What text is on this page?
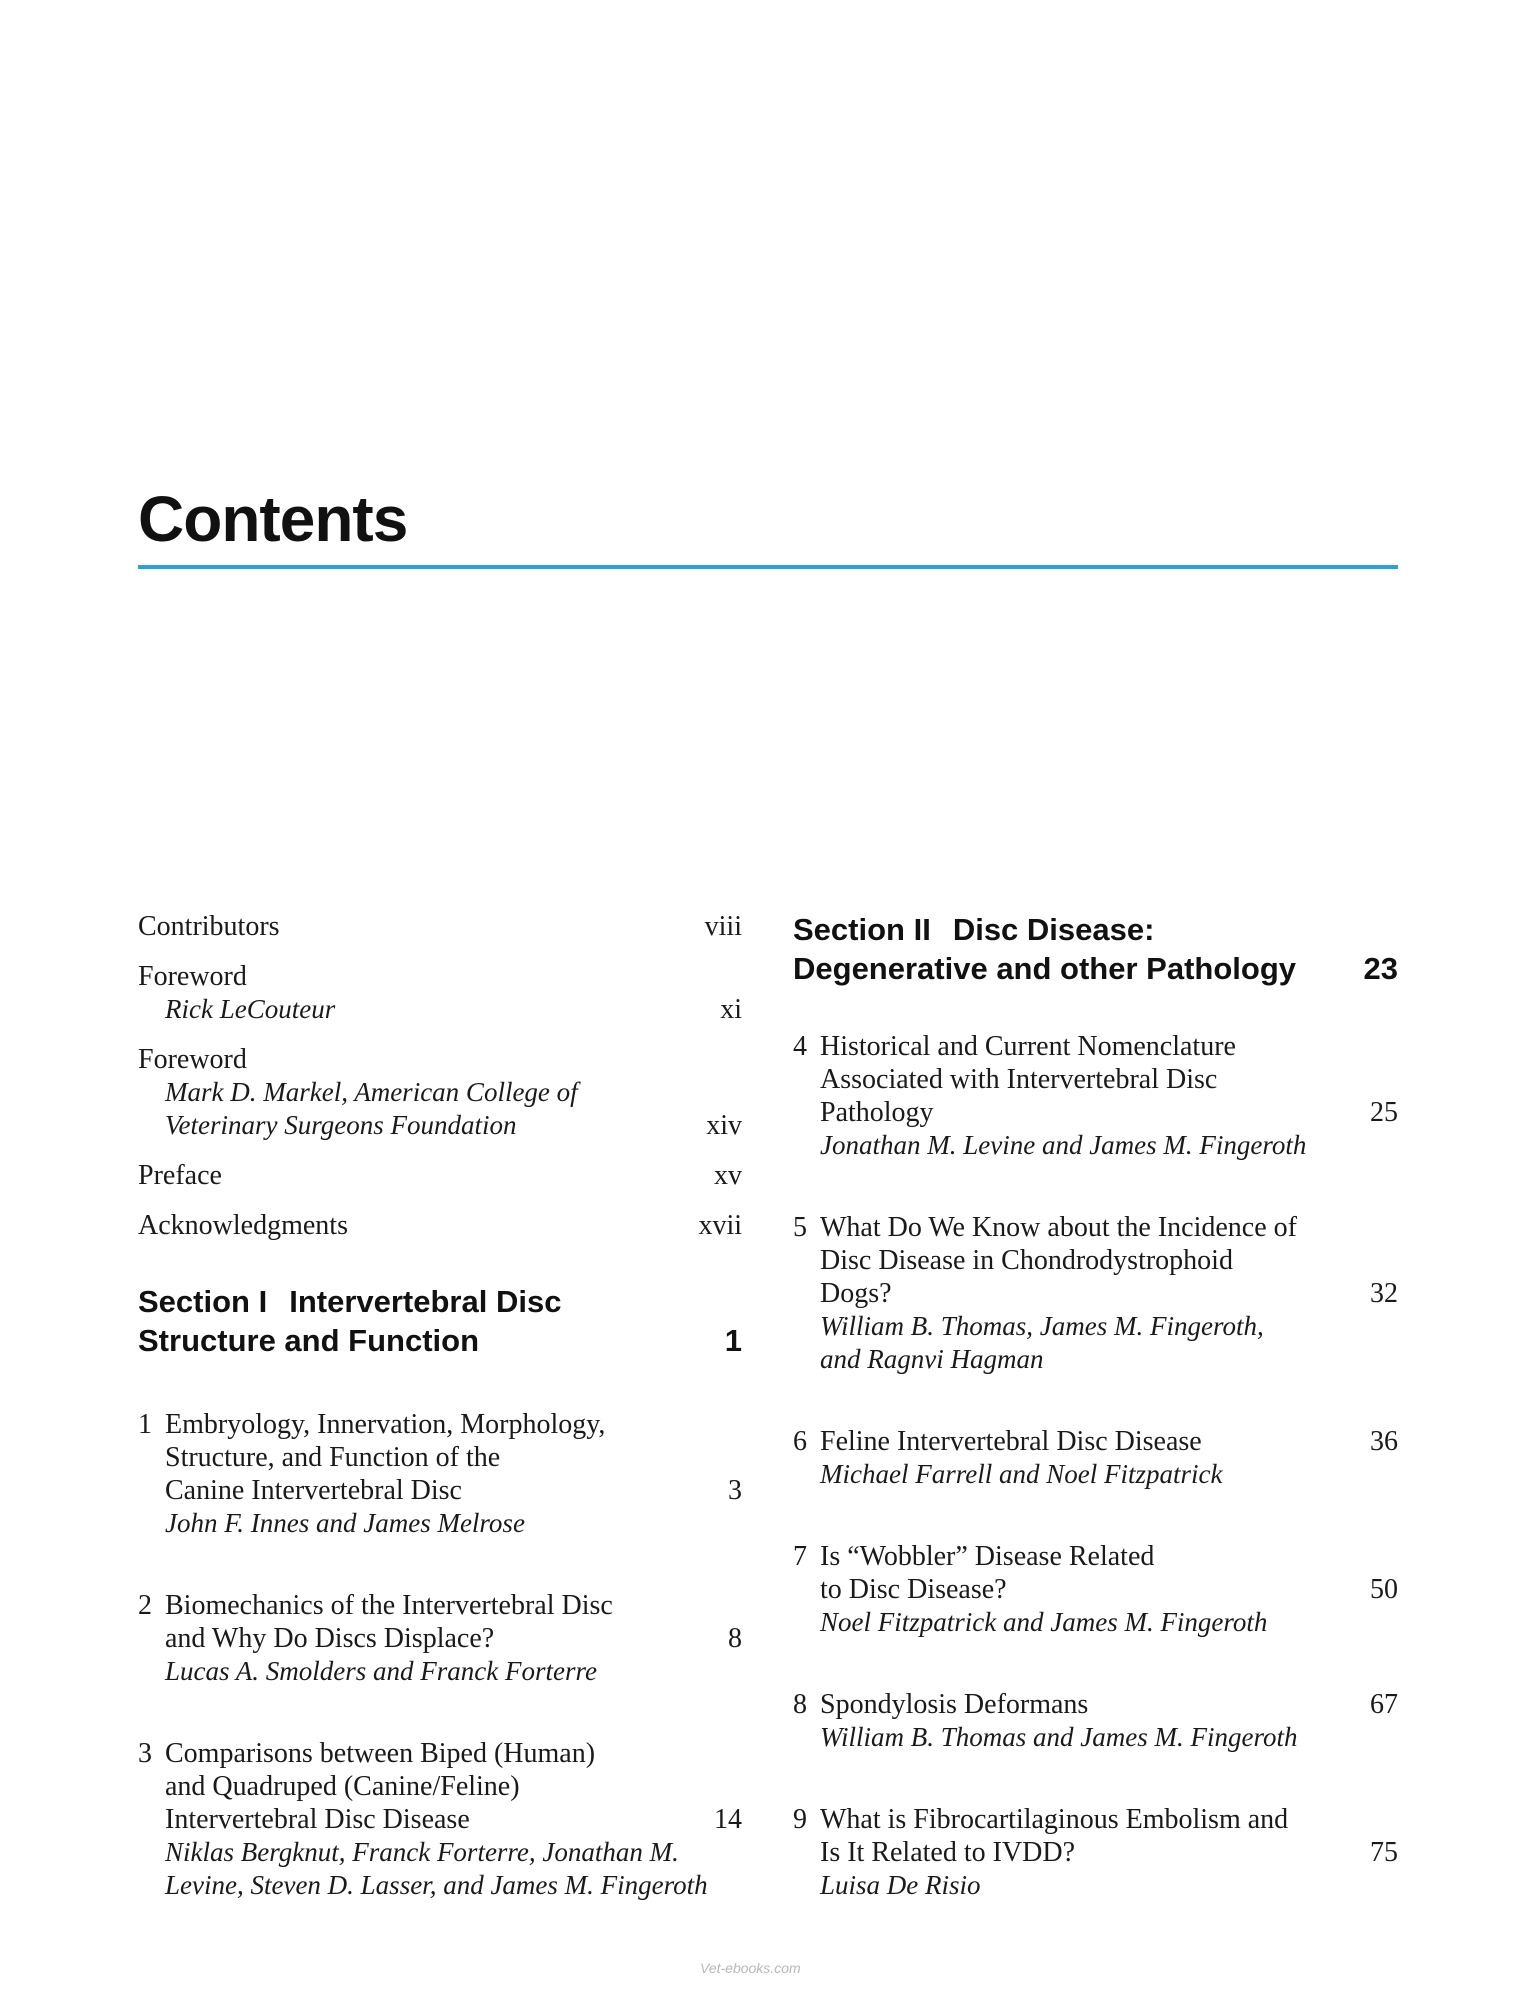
Contents
Contributors	viii
Foreword
Rick LeCouteur	xi
Foreword
Mark D. Markel, American College of
Veterinary Surgeons Foundation	xiv
Preface	xv
Acknowledgments	xvii
Section I Intervertebral Disc
Structure and Function	1
1 Embryology, Innervation, Morphology,
Structure, and Function of the
Canine Intervertebral Disc	3
John F. Innes and James Melrose
2 Biomechanics of the Intervertebral Disc
and Why Do Discs Displace?	8
Lucas A. Smolders and Franck Forterre
3 Comparisons between Biped (Human)
and Quadruped (Canine/Feline)
Intervertebral Disc Disease	14
Niklas Bergknut, Franck Forterre, Jonathan M.
Levine, Steven D. Lasser, and James M. Fingeroth
Section II Disc Disease:
Degenerative and other Pathology 23
4 Historical and Current Nomenclature
Associated with Intervertebral Disc
Pathology	25
Jonathan M. Levine and James M. Fingeroth
5 What Do We Know about the Incidence of
Disc Disease in Chondrodystrophoid
Dogs?	32
William B. Thomas, James M. Fingeroth,
and Ragnvi Hagman
6 Feline Intervertebral Disc Disease	36
Michael Farrell and Noel Fitzpatrick
7 Is “Wobbler” Disease Related
to Disc Disease?	50
Noel Fitzpatrick and James M. Fingeroth
8 Spondylosis Deformans	67
William B. Thomas and James M. Fingeroth
9 What is Fibrocartilaginous Embolism and
Is It Related to IVDD?	75
Luisa De Risio
Vet-ebooks.com
